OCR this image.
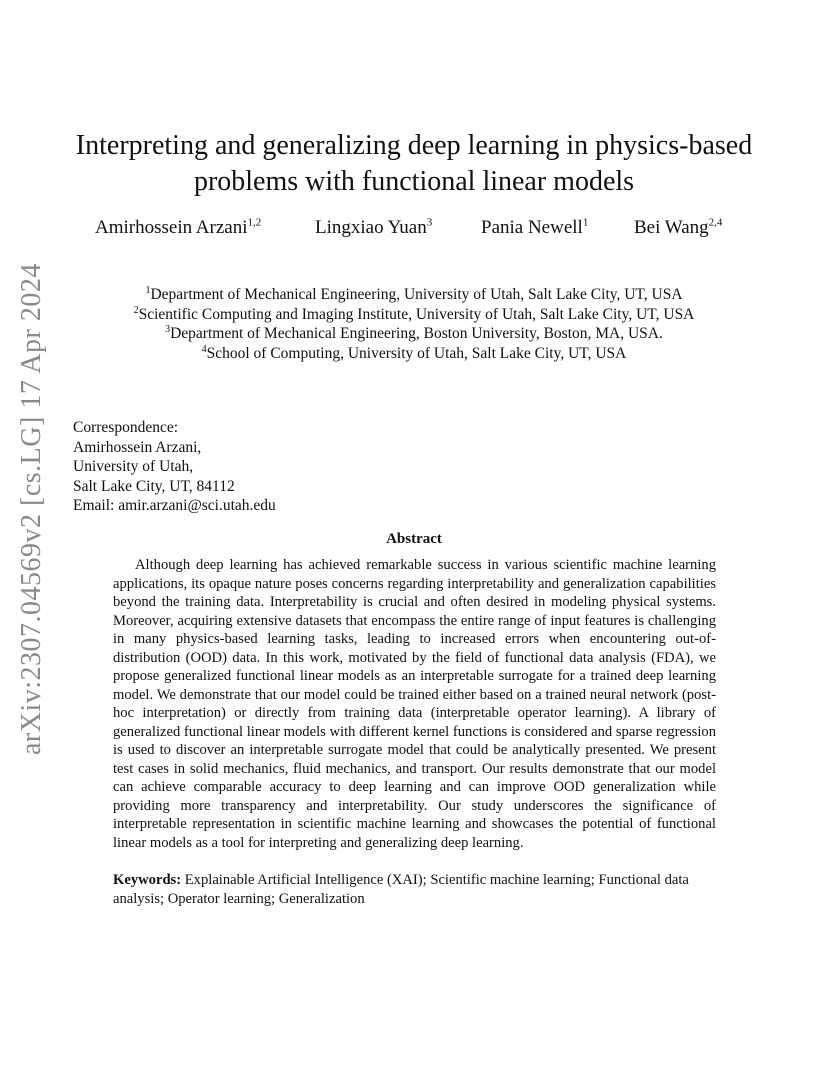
arXiv:2307.04569v2 [cs.LG] 17 Apr 2024
Interpreting and generalizing deep learning in physics-based
problems with functional linear models
Amirhossein Arzani$^{1,2}$	Lingxiao Yuan$^3$	Pania Newell$^1$ Bei Wang$^{2,4}$
$^1$Department of Mechanical Engineering, University of Utah, Salt Lake City, UT, USA
$^2$Scientific Computing and Imaging Institute, University of Utah, Salt Lake City, UT, USA
$^3$Department of Mechanical Engineering, Boston University, Boston, MA, USA.
$^4$School of Computing, University of Utah, Salt Lake City, UT, USA
Correspondence:
Amirhossein Arzani,
University of Utah,
Salt Lake City, UT, 84112
Email: amir.arzani@sci.utah.edu
Abstract

Although deep learning has achieved remarkable success in various scientific machine learning applications, its opaque nature poses concerns regarding interpretability and generalization capabilities beyond the training data. Interpretability is crucial and often desired in modeling physical systems. Moreover, acquiring extensive datasets that encompass the entire range of input features is challenging in many physics-based learning tasks, leading to increased errors when encountering out-of-distribution (OOD) data. In this work, motivated by the field of functional data analysis (FDA), we propose generalized functional linear models as an interpretable surrogate for a trained deep learning model. We demonstrate that our model could be trained either based on a trained neural network (post-hoc interpretation) or directly from training data (interpretable operator learning). A library of generalized functional linear models with different kernel functions is considered and sparse regression is used to discover an interpretable surrogate model that could be analytically presented. We present test cases in solid mechanics, fluid mechanics, and transport. Our results demonstrate that our model can achieve comparable accuracy to deep learning and can improve OOD generalization while providing more transparency and interpretability. Our study underscores the significance of interpretable representation in scientific machine learning and showcases the potential of functional linear models as a tool for interpreting and generalizing deep learning.

Keywords: Explainable Artificial Intelligence (XAI); Scientific machine learning; Functional data analysis; Operator learning; Generalization
